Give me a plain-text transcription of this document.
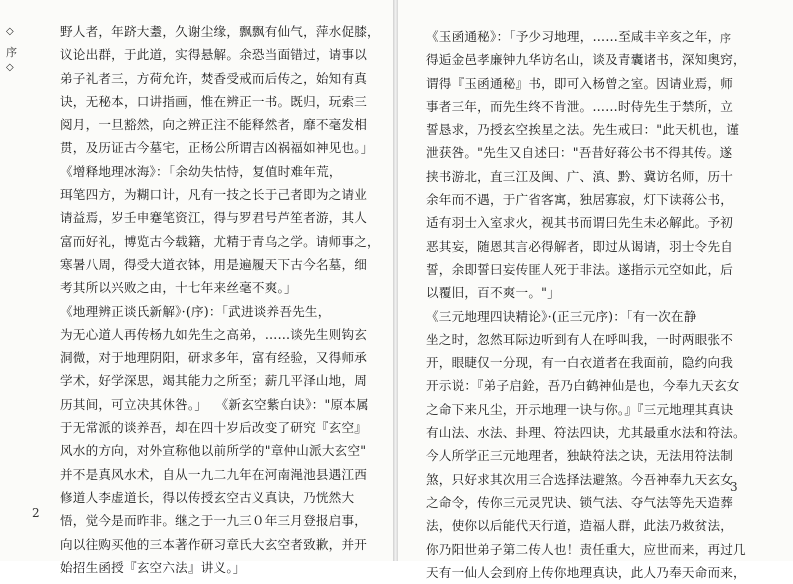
◇
序
◇
野人者，年跻大耋，久谢尘缘，飘飘有仙气，萍水促膝，
议论出群，于此道，实得悬解。余恐当面错过，请事以
弟子礼者三，方荷允许，焚香受戒而后传之，始知有真
诀，无秘本，口讲指画，惟在辨正一书。既归，玩索三
阅月，一旦豁然，向之辨正注不能释然者，靡不毫发相
贯，及历证古今墓宅，正杨公所谓吉凶祸福如神见也。」
《增释地理冰海》：「余幼失怙恃，复值时难年荒，
珥笔四方，为糊口计，凡有一技之长于己者即为之请业
请益焉，岁壬申蹇笔资江，得与罗君号芦笙者游，其人
富而好礼，博览古今载籍，尤精于青乌之学。请师事之，
寒暑八周，得受大道衣钵，用是遍履天下古今名墓，细
考其所以兴败之由，十七年来丝毫不爽。」
《地理辨正谈氏新解》·(序)：「武进谈养吾先生，
为无心道人再传杨九如先生之高弟，……谈先生则钩玄
洞微，对于地理阴阳，研求多年，富有经验，又得师承
学术，好学深思，竭其能力之所至；薪几平泽山地，周
历其间，可立决其休咎。」  《新玄空紫白诀》："原本属
于无常派的谈养吾，却在四十岁后改变了研究『玄空』
风水的方向，对外宣称他以前所学的"章仲山派大玄空"
并不是真风水术，自从一九二九年在河南渑池县遇江西
修道人李虚道长，得以传授玄空古义真诀，乃恍然大
悟，觉今是而昨非。继之于一九三０年三月登报启事，
向以往购买他的三本著作研习章氏大玄空者致歉，并开
始招生函授『玄空六法』讲义。」
2
序
《玉函通秘》：「予少习地理，……至咸丰辛亥之年，
得逅金邑孝廉钟九华访名山，谈及青囊诸书，深知奥窍，
谓得『玉函通秘』书，即可入杨曾之室。因请业焉，师
事者三年，而先生终不肯泄。……时侍先生于禁所，立
誓恳求，乃授玄空挨星之法。先生戒曰："此天机也，谨
泄获咎。"先生又自述曰："吾昔好蒋公书不得其传。遂
挟书游北，直三江及闽、广、滇、黔、冀访名师，历十
余年而不遇，于广省客寓，独居寡寂，灯下读蒋公书，
适有羽士入室求火，视其书而谓曰先生未必解此。予初
恶其妄，随恩其言必得解者，即过从谒请，羽士令先自
誓，余即誓曰妄传匪人死于非法。遂指示元空如此，后
以覆旧，百不爽一。"」
《三元地理四诀精论》·(正三元序)：「有一次在静
坐之时，忽然耳际边听到有人在呼叫我，一时两眼张不
开，眼睫仅一分现，有一白衣道者在我面前，隐约向我
开示说：『弟子启銓，吾乃白鹤神仙是也，今奉九天玄女
之命下来凡尘，开示地理一诀与你。』『三元地理其真诀
有山法、水法、卦理、符法四诀，尤其最重水法和符法。
今人所学正三元地理者，独缺符法之诀，无法用符法制
煞，只好求其次用三合选择法避煞。今吾神奉九天玄女
之命令，传你三元灵咒诀、锁气法、夺气法等先天造葬
法，使你以后能代天行道，造福人群，此法乃救贫法，
你乃阳世弟子第二传人也！责任重大，应世而来，再过几
天有一仙人会到府上传你地理真诀，此人乃奉天命而来，
3
